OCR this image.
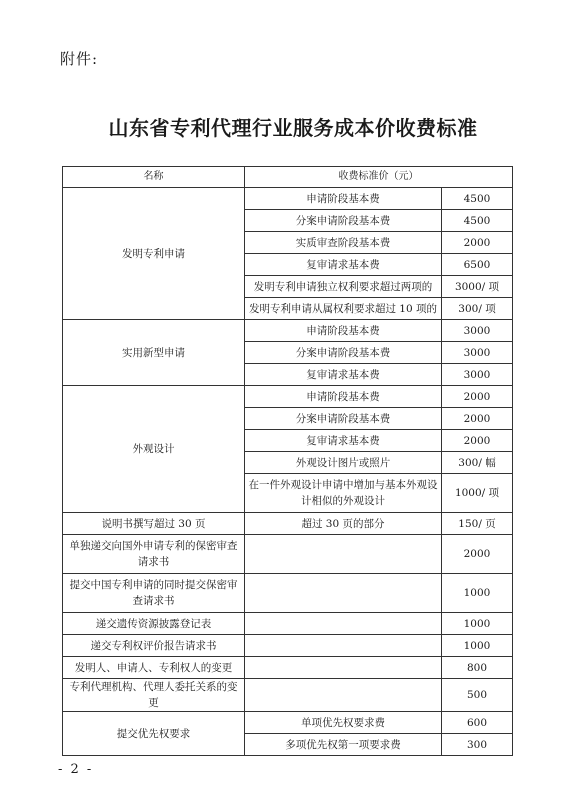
附件:
山东省专利代理行业服务成本价收费标准
名称	收费标准价（元）	
发明专利申请	申请阶段基本费	4500
	分案申请阶段基本费	4500
	实质审查阶段基本费	2000
	复审请求基本费	6500
	发明专利申请独立权利要求超过两项的	3000/ 项
	发明专利申请从属权利要求超过 10 项的	300/ 项
实用新型申请	申请阶段基本费	3000
	分案申请阶段基本费	3000
	复审请求基本费	3000
外观设计	申请阶段基本费	2000
	分案申请阶段基本费	2000
	复审请求基本费	2000
	外观设计图片或照片	300/ 幅
	在一件外观设计申请中增加与基本外观设计相似的外观设计	1000/ 项
说明书撰写超过 30 页	超过 30 页的部分	150/ 页
单独递交向国外申请专利的保密审查请求书		2000
提交中国专利申请的同时提交保密审查请求书		1000
递交遗传资源披露登记表		1000
递交专利权评价报告请求书		1000
发明人、申请人、专利权人的变更		800
专利代理机构、代理人委托关系的变更		500
提交优先权要求	单项优先权要求费	600
	多项优先权第一项要求费	300
- 2 -
